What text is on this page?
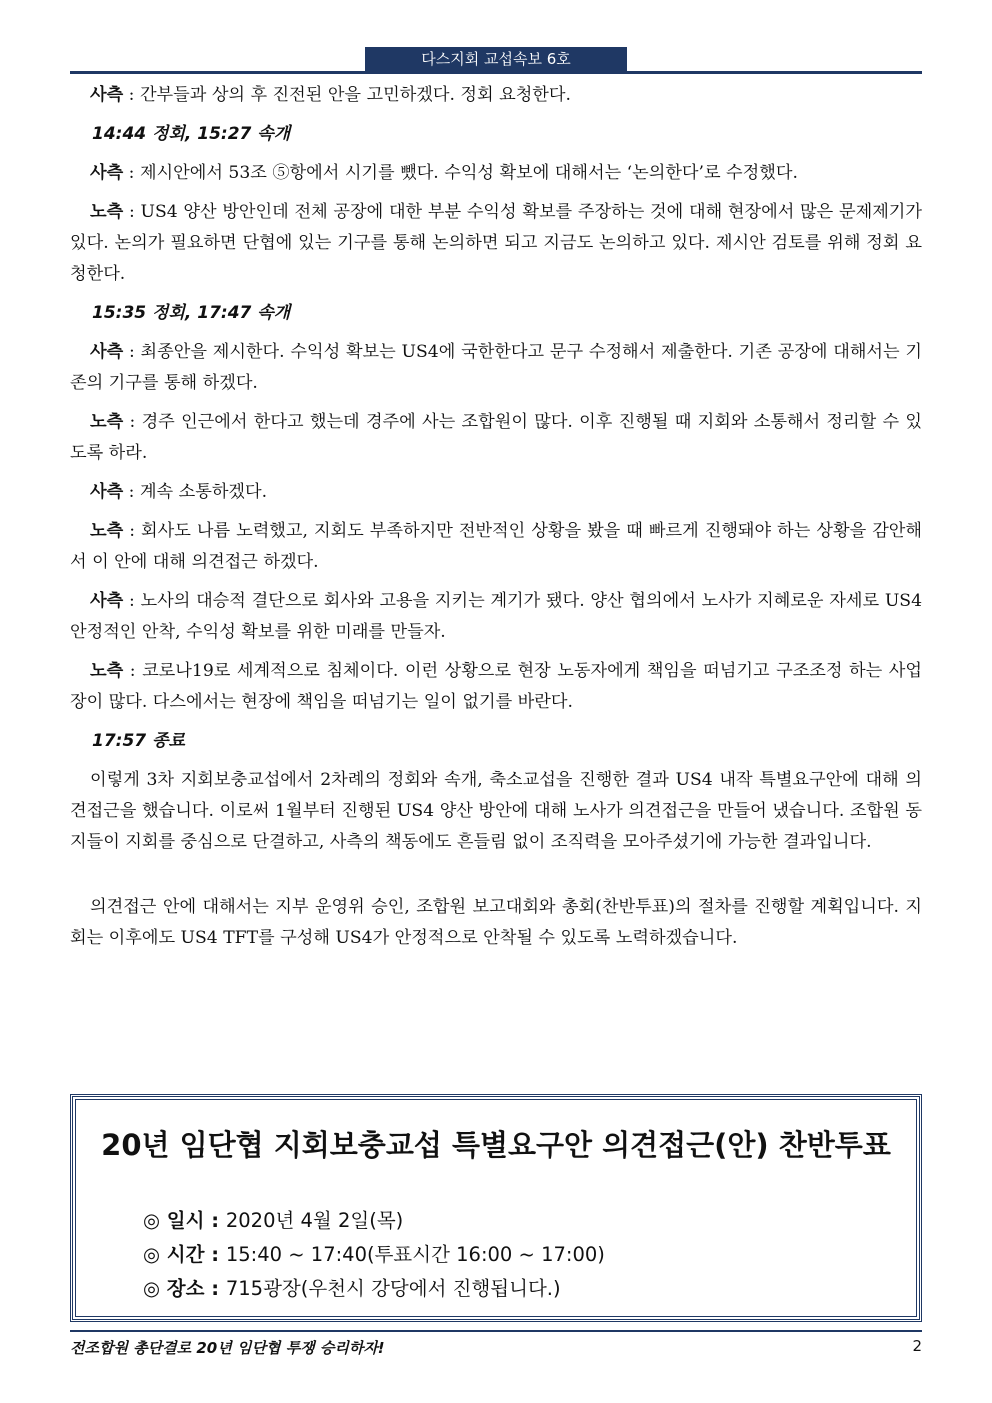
다스지회 교섭속보 6호

사측 : 간부들과 상의 후 진전된 안을 고민하겠다. 정회 요청한다.

14:44 정회, 15:27 속개

사측 : 제시안에서 53조 ⑤항에서 시기를 뺐다. 수익성 확보에 대해서는 ‘논의한다’로 수정했다.

노측 : US4 양산 방안인데 전체 공장에 대한 부분 수익성 확보를 주장하는 것에 대해 현장에서 많은 문제제기가 있다. 논의가 필요하면 단협에 있는 기구를 통해 논의하면 되고 지금도 논의하고 있다. 제시안 검토를 위해 정회 요청한다.

15:35 정회, 17:47 속개

사측 : 최종안을 제시한다. 수익성 확보는 US4에 국한한다고 문구 수정해서 제출한다. 기존 공장에 대해서는 기존의 기구를 통해 하겠다.

노측 : 경주 인근에서 한다고 했는데 경주에 사는 조합원이 많다. 이후 진행될 때 지회와 소통해서 정리할 수 있도록 하라.

사측 : 계속 소통하겠다.

노측 : 회사도 나름 노력했고, 지회도 부족하지만 전반적인 상황을 봤을 때 빠르게 진행돼야 하는 상황을 감안해서 이 안에 대해 의견접근 하겠다.

사측 : 노사의 대승적 결단으로 회사와 고용을 지키는 계기가 됐다. 양산 협의에서 노사가 지혜로운 자세로 US4 안정적인 안착, 수익성 확보를 위한 미래를 만들자.

노측 : 코로나19로 세계적으로 침체이다. 이런 상황으로 현장 노동자에게 책임을 떠넘기고 구조조정 하는 사업장이 많다. 다스에서는 현장에 책임을 떠넘기는 일이 없기를 바란다.

17:57 종료

이렇게 3차 지회보충교섭에서 2차례의 정회와 속개, 축소교섭을 진행한 결과 US4 내작 특별요구안에 대해 의견접근을 했습니다. 이로써 1월부터 진행된 US4 양산 방안에 대해 노사가 의견접근을 만들어 냈습니다. 조합원 동지들이 지회를 중심으로 단결하고, 사측의 책동에도 흔들림 없이 조직력을 모아주셨기에 가능한 결과입니다.

의견접근 안에 대해서는 지부 운영위 승인, 조합원 보고대회와 총회(찬반투표)의 절차를 진행할 계획입니다. 지회는 이후에도 US4 TFT를 구성해 US4가 안정적으로 안착될 수 있도록 노력하겠습니다.

20년 임단협 지회보충교섭 특별요구안 의견접근(안) 찬반투표
◎ 일시 : 2020년 4월 2일(목)
◎ 시간 : 15:40 ~ 17:40(투표시간 16:00 ~ 17:00)
◎ 장소 : 715광장(우천시 강당에서 진행됩니다.)
전조합원 총단결로 20년 임단협 투쟁 승리하자!	2
